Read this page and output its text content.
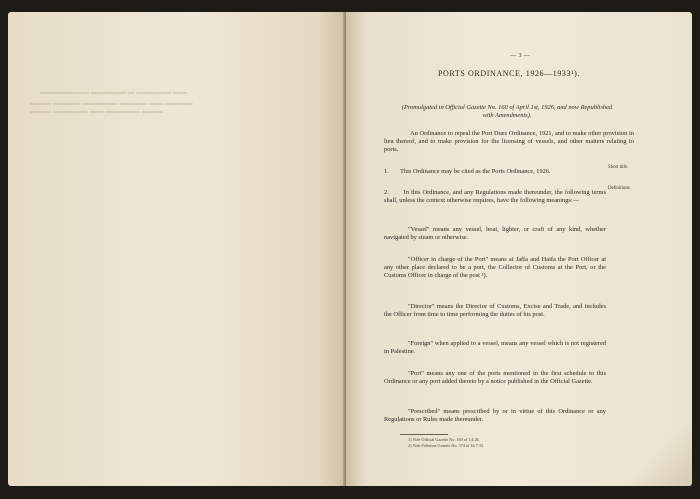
▬▬ ▬▬▬▬▬ ▬ ▬▬▬▬▬ ▬▬▬▬▬▬▬
▬▬▬▬ ▬▬ ▬▬▬▬ ▬▬▬▬▬ ▬▬▬▬ ▬▬▬
▬▬▬ ▬▬▬▬▬ ▬▬ ▬▬▬▬▬ ▬▬▬
— 3 —
PORTS ORDINANCE, 1926—1933¹).
(Promulgated in Official Gazette No. 160 of April 1st, 1926, and now Republished with Amendments).
An Ordinance to repeal the Port Dues Ordinance, 1921, and to make other provision in lieu thereof, and to make provision for the licensing of vessels, and other matters relating to ports.
1. This Ordinance may be cited as the Ports Ordinance, 1926.
Short title.
2. In this Ordinance, and any Regulations made thereunder, the following terms shall, unless the context otherwise requires, have the following meanings:—
Definitions.
"Vessel" means any vessel, boat, lighter, or craft of any kind, whether navigated by steam or otherwise.
"Officer in charge of the Port" means at Jaffa and Haifa the Port Officer at any other place declared to be a port, the Collector of Customs at the Port, or the Customs Officer in charge of the post ²).
"Director" means the Director of Customs, Excise and Trade, and includes the Officer from time to time performing the duties of his post.
"Foreign" when applied to a vessel, means any vessel which is not registered in Palestine.
"Port" means any one of the ports mentioned in the first schedule to this Ordinance or any port added thereto by a notice published in the Official Gazette.
"Prescribed" means prescribed by or in virtue of this Ordinance or any Regulations or Rules made thereunder.
1) Vide Official Gazette No. 160 of 1.4.26.
2) Vide Palestine Gazette No. 374 of 16.7.33.
